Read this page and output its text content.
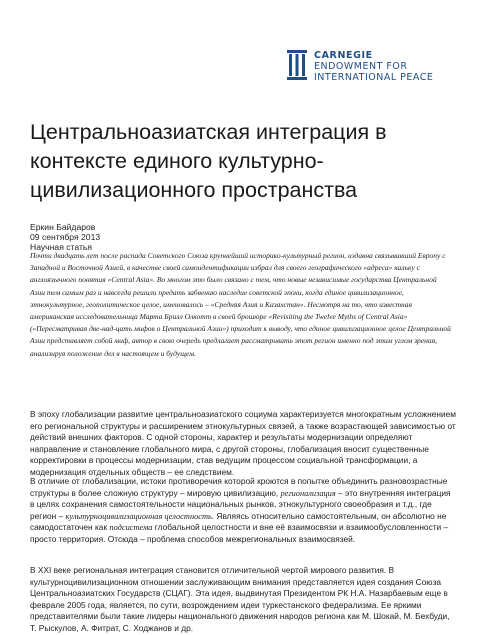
CARNEGIE
ENDOWMENT FOR
INTERNATIONAL PEACE
Центральноазиатская интеграция в контексте единого культурно-цивилизационного пространства
Еркин Байдаров
09 сентября 2013
Научная статья

Почти двадцать лет после распада Советского Союза крупнейший историко-культурный регион, издавна связывавший Европу с Западной и Восточной Азией, в качестве своей самоидентификации избрал для своего географического «адреса» кальку с англоязычного понятия «Central Asia». Во многом это было связано с тем, что новые независимые государства Центральной Азии тем самым раз и навсегда решили предать забвению наследие советской эпохи, когда единое цивилизационное, этнокультурное, геополитическое целое, именовалось – «Средняя Азия и Казахстан». Несмотря на то, что известная американская исследовательница Марта Брилл Олкотт в своей брошюре «Revisiting the Twelve Myths of Central Asia» («Пересматривая две-над-цать мифов о Центральной Азии») приходит к выводу, что единое цивилизационное целое Центральной Азии представляет собой миф, автор в свою очередь предлагает рассматривать этот регион именно под этим углом зрения, анализируя положение дел в настоящем и будущем.

В эпоху глобализации развитие центральноазиатского социума характеризуется многократным усложнением его региональной структуры и расширением этнокультурных связей, а также возрастающей зависимостью от действий внешних факторов. С одной стороны, характер и результаты модернизации определяют направление и становление глобального мира, с другой стороны, глобализация вносит существенные корректировки в процессы модернизации, став ведущим процессом социальной трансформации, а модернизация отдельных обществ – ее следствием.

В отличие от глобализации, истоки противоречия которой кроются в попытке объединить разновозрастные структуры в более сложную структуру – мировую цивилизацию, регионализация – это внутренняя интеграция в целях сохранения самостоятельности национальных рынков, этнокультурного своеобразия и т.д., где регион – культурноцивилизационная целостность. Являясь относительно самостоятельным, он абсолютно не самодостаточен как подсистема глобальной целостности и вне её взаимосвязи и взаимообусловленности – просто территория. Отсюда – проблема способов межрегиональных взаимосвязей.

В XXI веке региональная интеграция становится отличительной чертой мирового развития. В культурноцивилизационном отношении заслуживающим внимания представляется идея создания Союза Центральноазиатских Государств (СЦАГ). Эта идея, выдвинутая Президентом РК Н.А. Назарбаевым еще в феврале 2005 года, является, по сути, возрождением идеи туркестанского федерализма. Ее яркими представителями были такие лидеры национального движения народов региона как М. Шокай, М. Бехбуди, Т. Рыскулов, А. Фитрат, С. Ходжанов и др.
